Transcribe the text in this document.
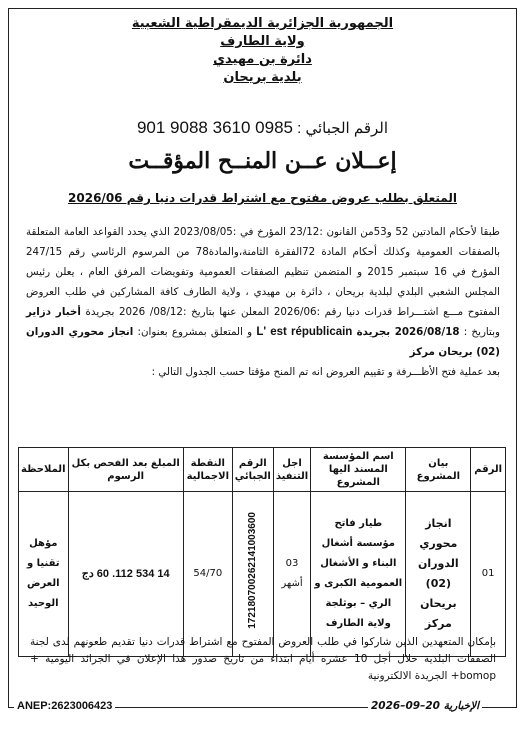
الجمهورية الجزائرية الديمقراطية الشعبية
ولاية الطارف
دائرة بن مهيدي
بلدية بريحان
الرقم الجبائي : 0985 3610 9088 901
إعــلان عــن المنــح المؤقــت
المتعلق بطلب عروض مفتوح مع اشتراط قدرات دنيا رقم 2026/06
طبقا لأحكام المادتين 52 و53من القانون :23/12 المؤرخ في :2023/08/05 الذي يحدد القواعد العامة المتعلقة بالصفقات العمومية وكذلك أحكام المادة 72الفقرة الثامنة،والمادة78 من المرسوم الرئاسي رقم 247/15 المؤرخ في 16 سبتمبر 2015 و المتضمن تنظيم الصفقات العمومية وتفويضات المرفق العام ، يعلن رئيس المجلس الشعبي البلدي لبلدية بريحان ، دائرة بن مهيدي ، ولاية الطارف كافة المشاركين في طلب العروض المفتوح مـــع اشتـــراط قدرات دنيا رقم :2026/06 المعلن عنها بتاريخ :08/12/ 2026 بجريدة أخبار دزاير وبتاريخ : 2026/08/18 بجريدة L' est républicain و المتعلق بمشروع بعنوان: انجاز محوري الدوران (02) بريحان مركز
بعد عملية فتح الأظـــرفة و تقييم العروض انه تم المنح مؤقتا حسب الجدول التالي :
الرقم	بيان المشروع	اسم المؤسسة المسند اليها المشروع	اجل التنفيذ	الرقم الجبائي	النقطة الاجمالية	المبلغ بعد الفحص بكل الرسوم	الملاحظة
01	انجاز محوري الدوران (02) بريحان مركز	طيار فاتح مؤسسة أشغال البناء و الأشغال العمومية الكبرى و الري – بوثلجة ولاية الطارف	03 أشهر	172180700262141003600	54/70	14 534 112. 60 دج	مؤهل تقنيا و العرض الوحيد
بإمكان المتعهدين الذين شاركوا في طلب العروض المفتوح مع اشتراط قدرات دنيا تقديم طعونهم لدى لجنة الصفقات البلدية خلال أجل 10 عشرة أيام ابتداء من تاريخ صدور هذا الإعلان في الجرائد اليومية + bomop+ الجريدة الالكترونية
ANEP:2623006423	الإخبارية 20–09–2026
